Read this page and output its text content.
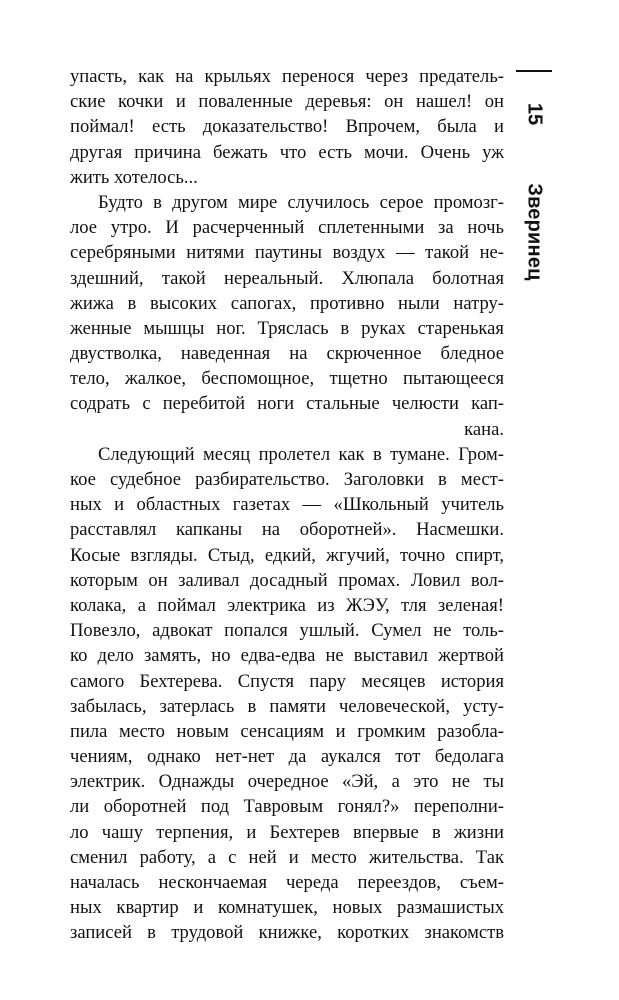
упасть, как на крыльях перенося через предатель-
ские кочки и поваленные деревья: он нашел! он
поймал! есть доказательство! Впрочем, была и
другая причина бежать что есть мочи. Очень уж
жить хотелось...
Будто в другом мире случилось серое промозг-
лое утро. И расчерченный сплетенными за ночь
серебряными нитями паутины воздух — такой не-
здешний, такой нереальный. Хлюпала болотная
жижа в высоких сапогах, противно ныли натру-
женные мышцы ног. Тряслась в руках старенькая
двустволка, наведенная на скрюченное бледное
тело, жалкое, беспомощное, тщетно пытающееся
содрать с перебитой ноги стальные челюсти кап-
кана.
Следующий месяц пролетел как в тумане. Гром-
кое судебное разбирательство. Заголовки в мест-
ных и областных газетах — «Школьный учитель
расставлял капканы на оборотней». Насмешки.
Косые взгляды. Стыд, едкий, жгучий, точно спирт,
которым он заливал досадный промах. Ловил вол-
колака, а поймал электрика из ЖЭУ, тля зеленая!
Повезло, адвокат попался ушлый. Сумел не толь-
ко дело замять, но едва-едва не выставил жертвой
самого Бехтерева. Спустя пару месяцев история
забылась, затерлась в памяти человеческой, усту-
пила место новым сенсациям и громким разобла-
чениям, однако нет-нет да аукался тот бедолага
электрик. Однажды очередное «Эй, а это не ты
ли оборотней под Тавровым гонял?» переполни-
ло чашу терпения, и Бехтерев впервые в жизни
сменил работу, а с ней и место жительства. Так
началась нескончаемая череда переездов, съем-
ных квартир и комнатушек, новых размашистых
записей в трудовой книжке, коротких знакомств
15
Зверинец
